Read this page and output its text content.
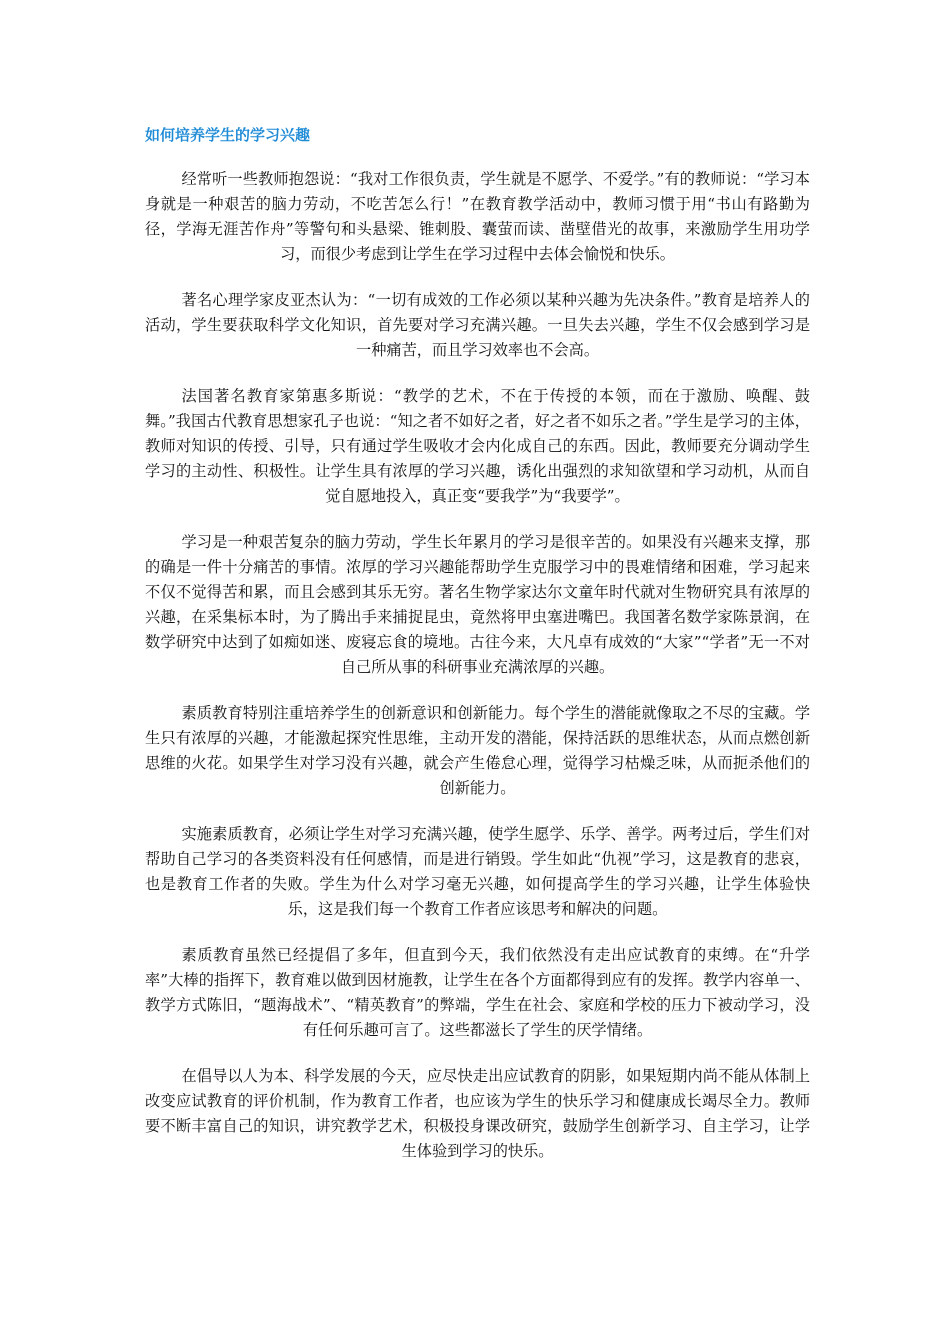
如何培养学生的学习兴趣

经常听一些教师抱怨说：“我对工作很负责，学生就是不愿学、不爱学。”有的教师说：“学习本身就是一种艰苦的脑力劳动，不吃苦怎么行！”在教育教学活动中，教师习惯于用“书山有路勤为径，学海无涯苦作舟”等警句和头悬梁、锥刺股、囊萤而读、凿壁借光的故事，来激励学生用功学习，而很少考虑到让学生在学习过程中去体会愉悦和快乐。

著名心理学家皮亚杰认为：“一切有成效的工作必须以某种兴趣为先决条件。”教育是培养人的活动，学生要获取科学文化知识，首先要对学习充满兴趣。一旦失去兴趣，学生不仅会感到学习是一种痛苦，而且学习效率也不会高。

法国著名教育家第惠多斯说：“教学的艺术，不在于传授的本领，而在于激励、唤醒、鼓舞。”我国古代教育思想家孔子也说：“知之者不如好之者，好之者不如乐之者。”学生是学习的主体，教师对知识的传授、引导，只有通过学生吸收才会内化成自己的东西。因此，教师要充分调动学生学习的主动性、积极性。让学生具有浓厚的学习兴趣，诱化出强烈的求知欲望和学习动机，从而自觉自愿地投入，真正变“要我学”为“我要学”。

学习是一种艰苦复杂的脑力劳动，学生长年累月的学习是很辛苦的。如果没有兴趣来支撑，那的确是一件十分痛苦的事情。浓厚的学习兴趣能帮助学生克服学习中的畏难情绪和困难，学习起来不仅不觉得苦和累，而且会感到其乐无穷。著名生物学家达尔文童年时代就对生物研究具有浓厚的兴趣，在采集标本时，为了腾出手来捕捉昆虫，竟然将甲虫塞进嘴巴。我国著名数学家陈景润，在数学研究中达到了如痴如迷、废寝忘食的境地。古往今来，大凡卓有成效的“大家”“学者”无一不对自己所从事的科研事业充满浓厚的兴趣。

素质教育特别注重培养学生的创新意识和创新能力。每个学生的潜能就像取之不尽的宝藏。学生只有浓厚的兴趣，才能激起探究性思维，主动开发的潜能，保持活跃的思维状态，从而点燃创新思维的火花。如果学生对学习没有兴趣，就会产生倦怠心理，觉得学习枯燥乏味，从而扼杀他们的创新能力。

实施素质教育，必须让学生对学习充满兴趣，使学生愿学、乐学、善学。两考过后，学生们对帮助自己学习的各类资料没有任何感情，而是进行销毁。学生如此“仇视”学习，这是教育的悲哀，也是教育工作者的失败。学生为什么对学习毫无兴趣，如何提高学生的学习兴趣，让学生体验快乐，这是我们每一个教育工作者应该思考和解决的问题。

素质教育虽然已经提倡了多年，但直到今天，我们依然没有走出应试教育的束缚。在“升学率”大棒的指挥下，教育难以做到因材施教，让学生在各个方面都得到应有的发挥。教学内容单一、教学方式陈旧，“题海战术”、“精英教育”的弊端，学生在社会、家庭和学校的压力下被动学习，没有任何乐趣可言了。这些都滋长了学生的厌学情绪。

在倡导以人为本、科学发展的今天，应尽快走出应试教育的阴影，如果短期内尚不能从体制上改变应试教育的评价机制，作为教育工作者，也应该为学生的快乐学习和健康成长竭尽全力。教师要不断丰富自己的知识，讲究教学艺术，积极投身课改研究，鼓励学生创新学习、自主学习，让学生体验到学习的快乐。
